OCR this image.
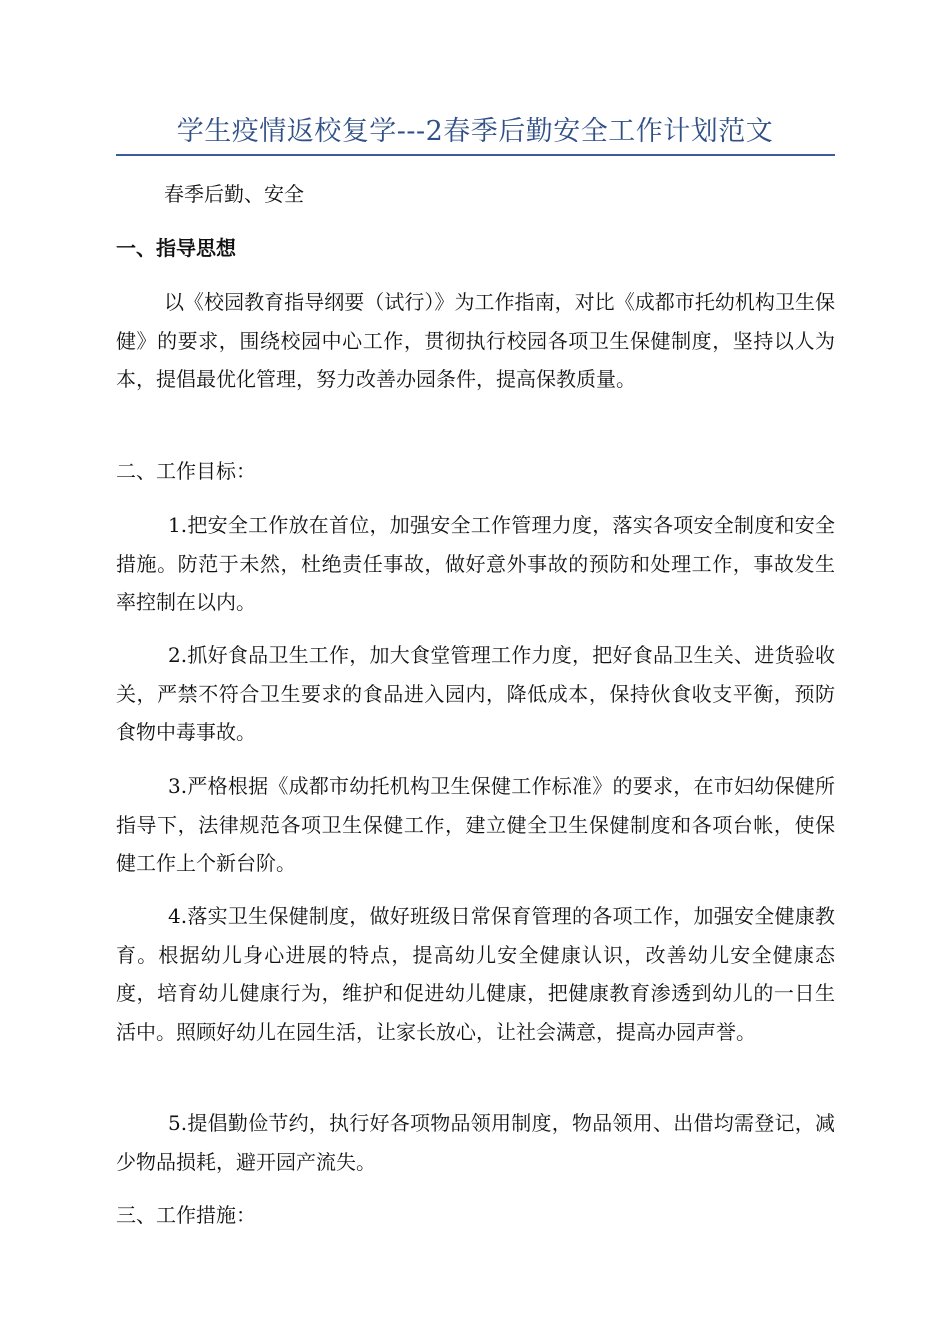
学生疫情返校复学---2春季后勤安全工作计划范文
春季后勤、安全
一、指导思想
以《校园教育指导纲要（试行）》为工作指南，对比《成都市托幼机构卫生保健》的要求，围绕校园中心工作，贯彻执行校园各项卫生保健制度，坚持以人为本，提倡最优化管理，努力改善办园条件，提高保教质量。
二、工作目标：
1.把安全工作放在首位，加强安全工作管理力度，落实各项安全制度和安全措施。防范于未然，杜绝责任事故，做好意外事故的预防和处理工作，事故发生率控制在以内。
2.抓好食品卫生工作，加大食堂管理工作力度，把好食品卫生关、进货验收关，严禁不符合卫生要求的食品进入园内，降低成本，保持伙食收支平衡，预防食物中毒事故。
3.严格根据《成都市幼托机构卫生保健工作标准》的要求，在市妇幼保健所指导下，法律规范各项卫生保健工作，建立健全卫生保健制度和各项台帐，使保健工作上个新台阶。
4.落实卫生保健制度，做好班级日常保育管理的各项工作，加强安全健康教育。根据幼儿身心进展的特点，提高幼儿安全健康认识，改善幼儿安全健康态度，培育幼儿健康行为，维护和促进幼儿健康，把健康教育渗透到幼儿的一日生活中。照顾好幼儿在园生活，让家长放心，让社会满意，提高办园声誉。
5.提倡勤俭节约，执行好各项物品领用制度，物品领用、出借均需登记，减少物品损耗，避开园产流失。
三、工作措施：
